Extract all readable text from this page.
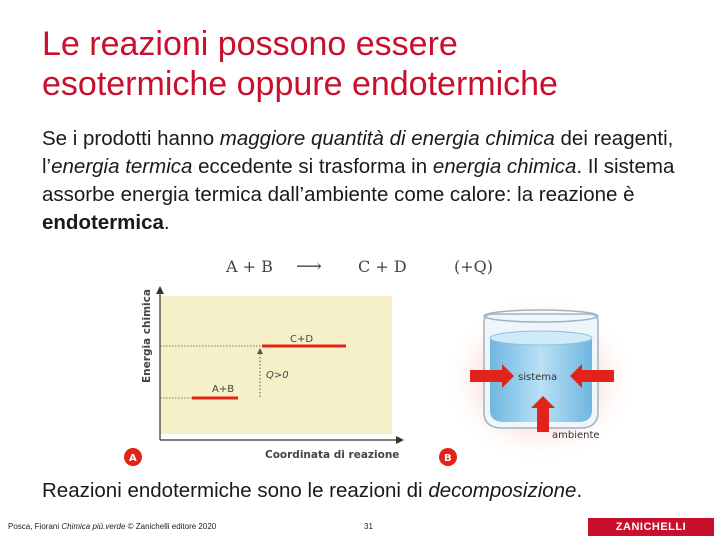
Le reazioni possono essere
esotermiche oppure endotermiche
Se i prodotti hanno maggiore quantità di energia chimica dei reagenti, l’energia termica eccedente si trasforma in energia chimica. Il sistema assorbe energia termica dall’ambiente come calore: la reazione è endotermica.
A + B ⟶ C + D	(+Q)
Energia chimica
Coordinata di reazione
C+D
A+B
Q>0
A
sistema
ambiente
B
Reazioni endotermiche sono le reazioni di decomposizione.
Posca, Fiorani Chimica più.verde © Zanichelli editore 2020	31	ZANICHELLI
